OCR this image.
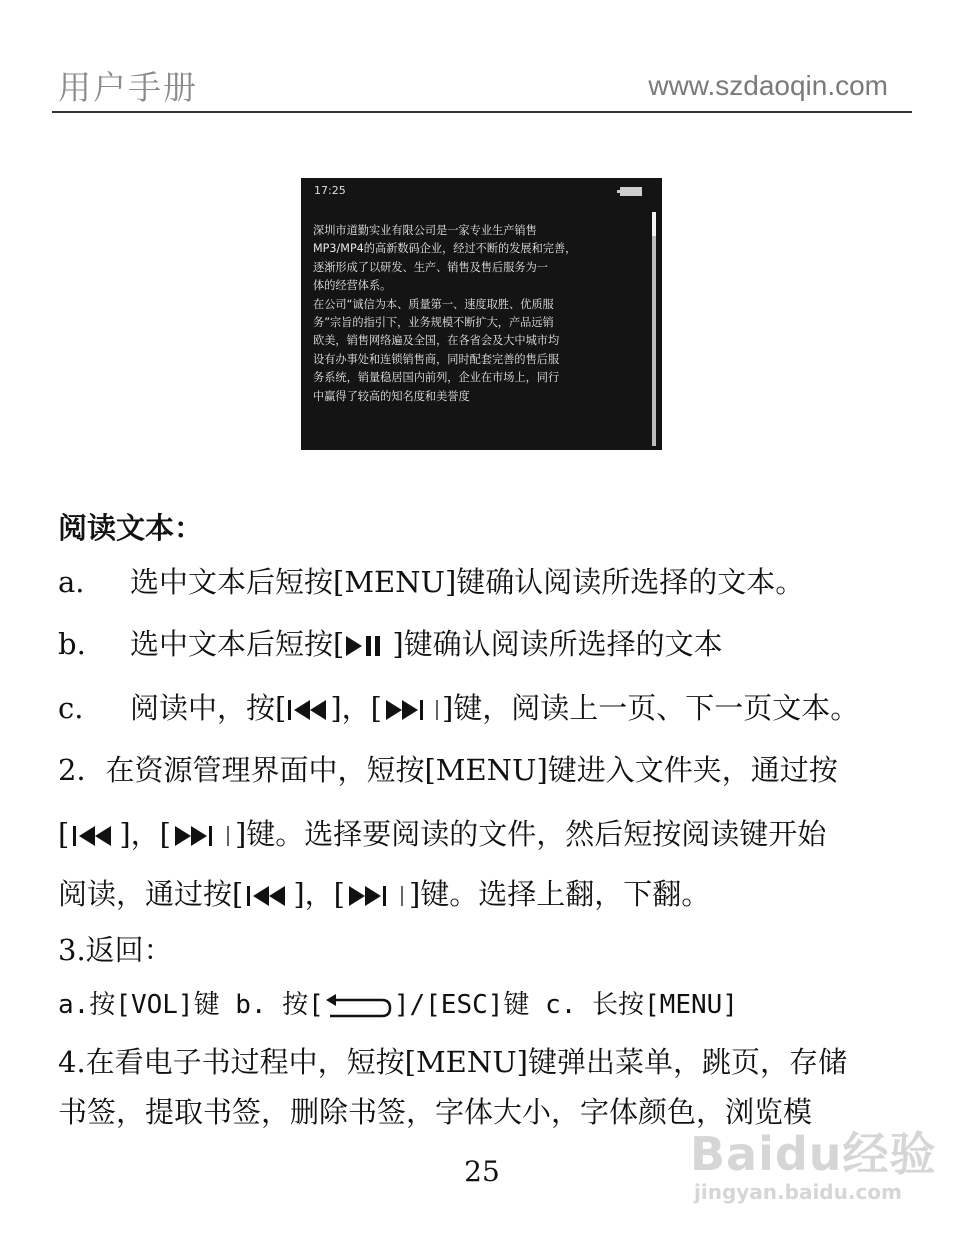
用户手册	www.szdaoqin.com
17:25
深圳市道勤实业有限公司是一家专业生产销售
MP3/MP4的高新数码企业，经过不断的发展和完善，
逐渐形成了以研发、生产、销售及售后服务为一
体的经营体系。
在公司“诚信为本、质量第一、速度取胜、优质服
务”宗旨的指引下，业务规模不断扩大，产品远销
欧美，销售网络遍及全国，在各省会及大中城市均
设有办事处和连锁销售商，同时配套完善的售后服
务系统，销量稳居国内前列，企业在市场上，同行
中赢得了较高的知名度和美誉度
阅读文本：
a. 选中文本后短按[MENU]键确认阅读所选择的文本。
b. 选中文本后短按[ ]键确认阅读所选择的文本
c. 阅读中，按[ ]，[ ]键，阅读上一页、下一页文本。
2．在资源管理界面中，短按[MENU]键进入文件夹，通过按
[ ]，[ ]键。选择要阅读的文件，然后短按阅读键开始
阅读，通过按[ ]，[ ]键。选择上翻，下翻。
3.返回：
a.按[VOL]键 b. 按[	]/[ESC]键 c. 长按[MENU]
4.在看电子书过程中，短按[MENU]键弹出菜单，跳页，存储
书签，提取书签，删除书签，字体大小，字体颜色，浏览模
25	Baidu经验
jingyan.baidu.com
